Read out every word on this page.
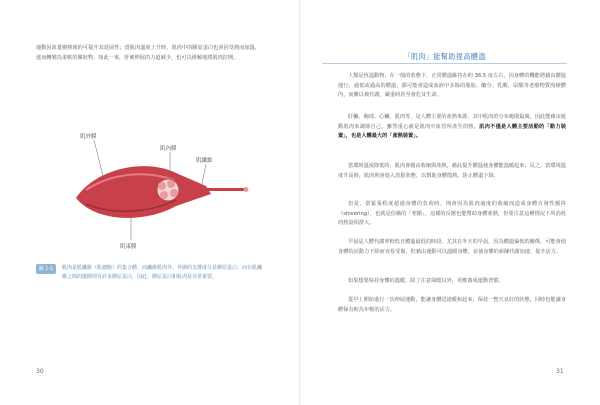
運動因血量變熱後的可提升其延展性；當肌肉溫度上升時，肌肉中的膠原蛋白也會因受熱而加溫，進而轉變為柔軟的膠狀物，如此一來，肝硬伸展的力道減少，也可以緩解地將肌肉拉開。

肌外膜
肌內膜
肌纖維
肌束膜
圖 1-1	肌肉是肌纖維（肌細胞）的集合體，而纖維肌肉外，外層的支撐成分是膠原蛋白；而在肌纖維之間的縫隙則有許多膠原蛋白，因此，膠原蛋白和肌肉是非常重要。

30
「肌肉」能幫助提高體溫

人類是恆溫動物，在一般的狀態下，正常體溫維持在約 36.5 度左右，因身體的機能將藉由體溫運行，過低或過高的體溫，都可能會造成血液中多餘的脂肪、醣分、乳酸，尿酸等老廢物質囤積體內，而難以被代謝，嚴重時甚至會危及生命。

肝臟、胸部、心臟，肌肉等，是人體主要的產熱來源，其中肌肉的分布範圍最廣，因此能藉由運動肌肉來調節自己。雖然重心就是肌肉中血管所產生的熱，肌肉不僅是人體主要活動的「動力裝置」，也是人體最大的「產熱裝置」。

當環境溫度降低時，肌肉會藉由收縮與產熱，藉此提升體溫使身體能溫暖起來；反之，當環境溫度升高時，肌肉則會進入放鬆狀態，以幫助身體散熱，防止體溫下降。

但是，當緊張程度超過身體的負荷時，則會因為肌肉過度的收縮而造成身體自發性顫抖（shivering），也就是俗稱的「寒顫」，這樣的反應也能幫助身體產熱，但要注意這種情況下所消耗的熱量相當大。

早晨是人體代謝率較低且體溫最低的時段，尤其在冬天的早晨，因為體溫偏低的關係，可能會使身體的活動力下降而容易受傷，但藉由運動可以溫暖身體，並使身體的新陳代謝加速，提升活力。

如果想要保持身體的溫暖，除了注意保暖以外，更應養成運動習慣。

從早上開始進行一次伸展運動，能讓身體迅速暖和起來，保持一整天良好的狀態，同時也能讓身體保有較為年輕的活力。

31
